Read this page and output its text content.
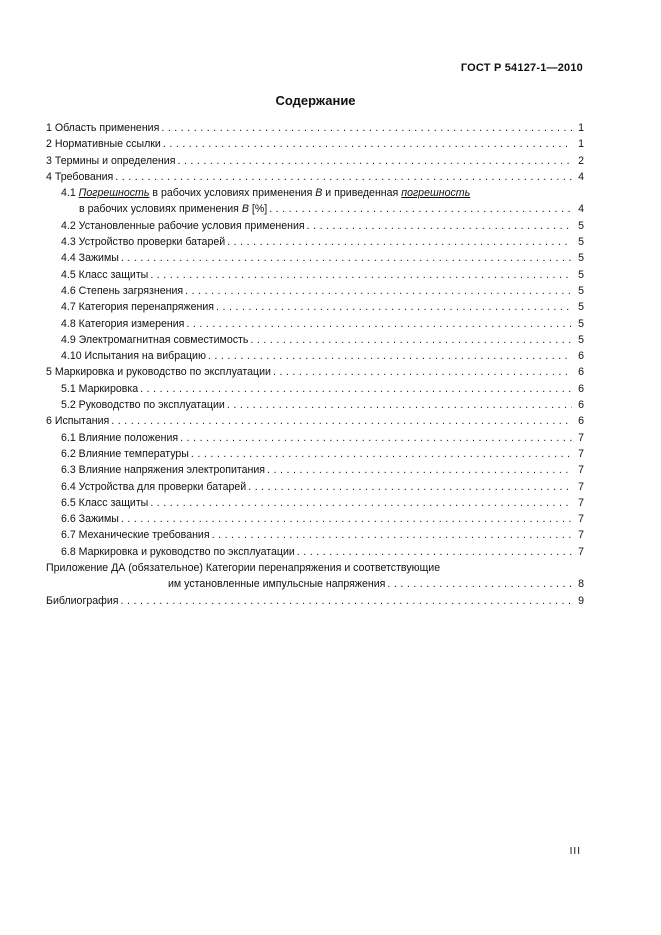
ГОСТ Р 54127-1—2010
Содержание
1 Область применения . . .	1
2 Нормативные ссылки . . .	1
3 Термины и определения . . .	2
4 Требования . . .	4
4.1 Погрешность в рабочих условиях применения В и приведенная погрешность
в рабочих условиях применения В [%] . . .	4
4.2 Установленные рабочие условия применения . . .	5
4.3 Устройство проверки батарей . . .	5
4.4 Зажимы . . .	5
4.5 Класс защиты . . .	5
4.6 Степень загрязнения . . .	5
4.7 Категория перенапряжения . . .	5
4.8 Категория измерения . . .	5
4.9 Электромагнитная совместимость . . .	5
4.10 Испытания на вибрацию . . .	6
5 Маркировка и руководство по эксплуатации . . .	6
5.1 Маркировка . . .	6
5.2 Руководство по эксплуатации . . .	6
6 Испытания . . .	6
6.1 Влияние положения . . .	7
6.2 Влияние температуры . . .	7
6.3 Влияние напряжения электропитания . . .	7
6.4 Устройства для проверки батарей . . .	7
6.5 Класс защиты . . .	7
6.6 Зажимы . . .	7
6.7 Механические требования . . .	7
6.8 Маркировка и руководство по эксплуатации . . .	7
Приложение ДА (обязательное) Категории перенапряжения и соответствующие
им установленные импульсные напряжения . . .	8
Библиография . . .	9
III
